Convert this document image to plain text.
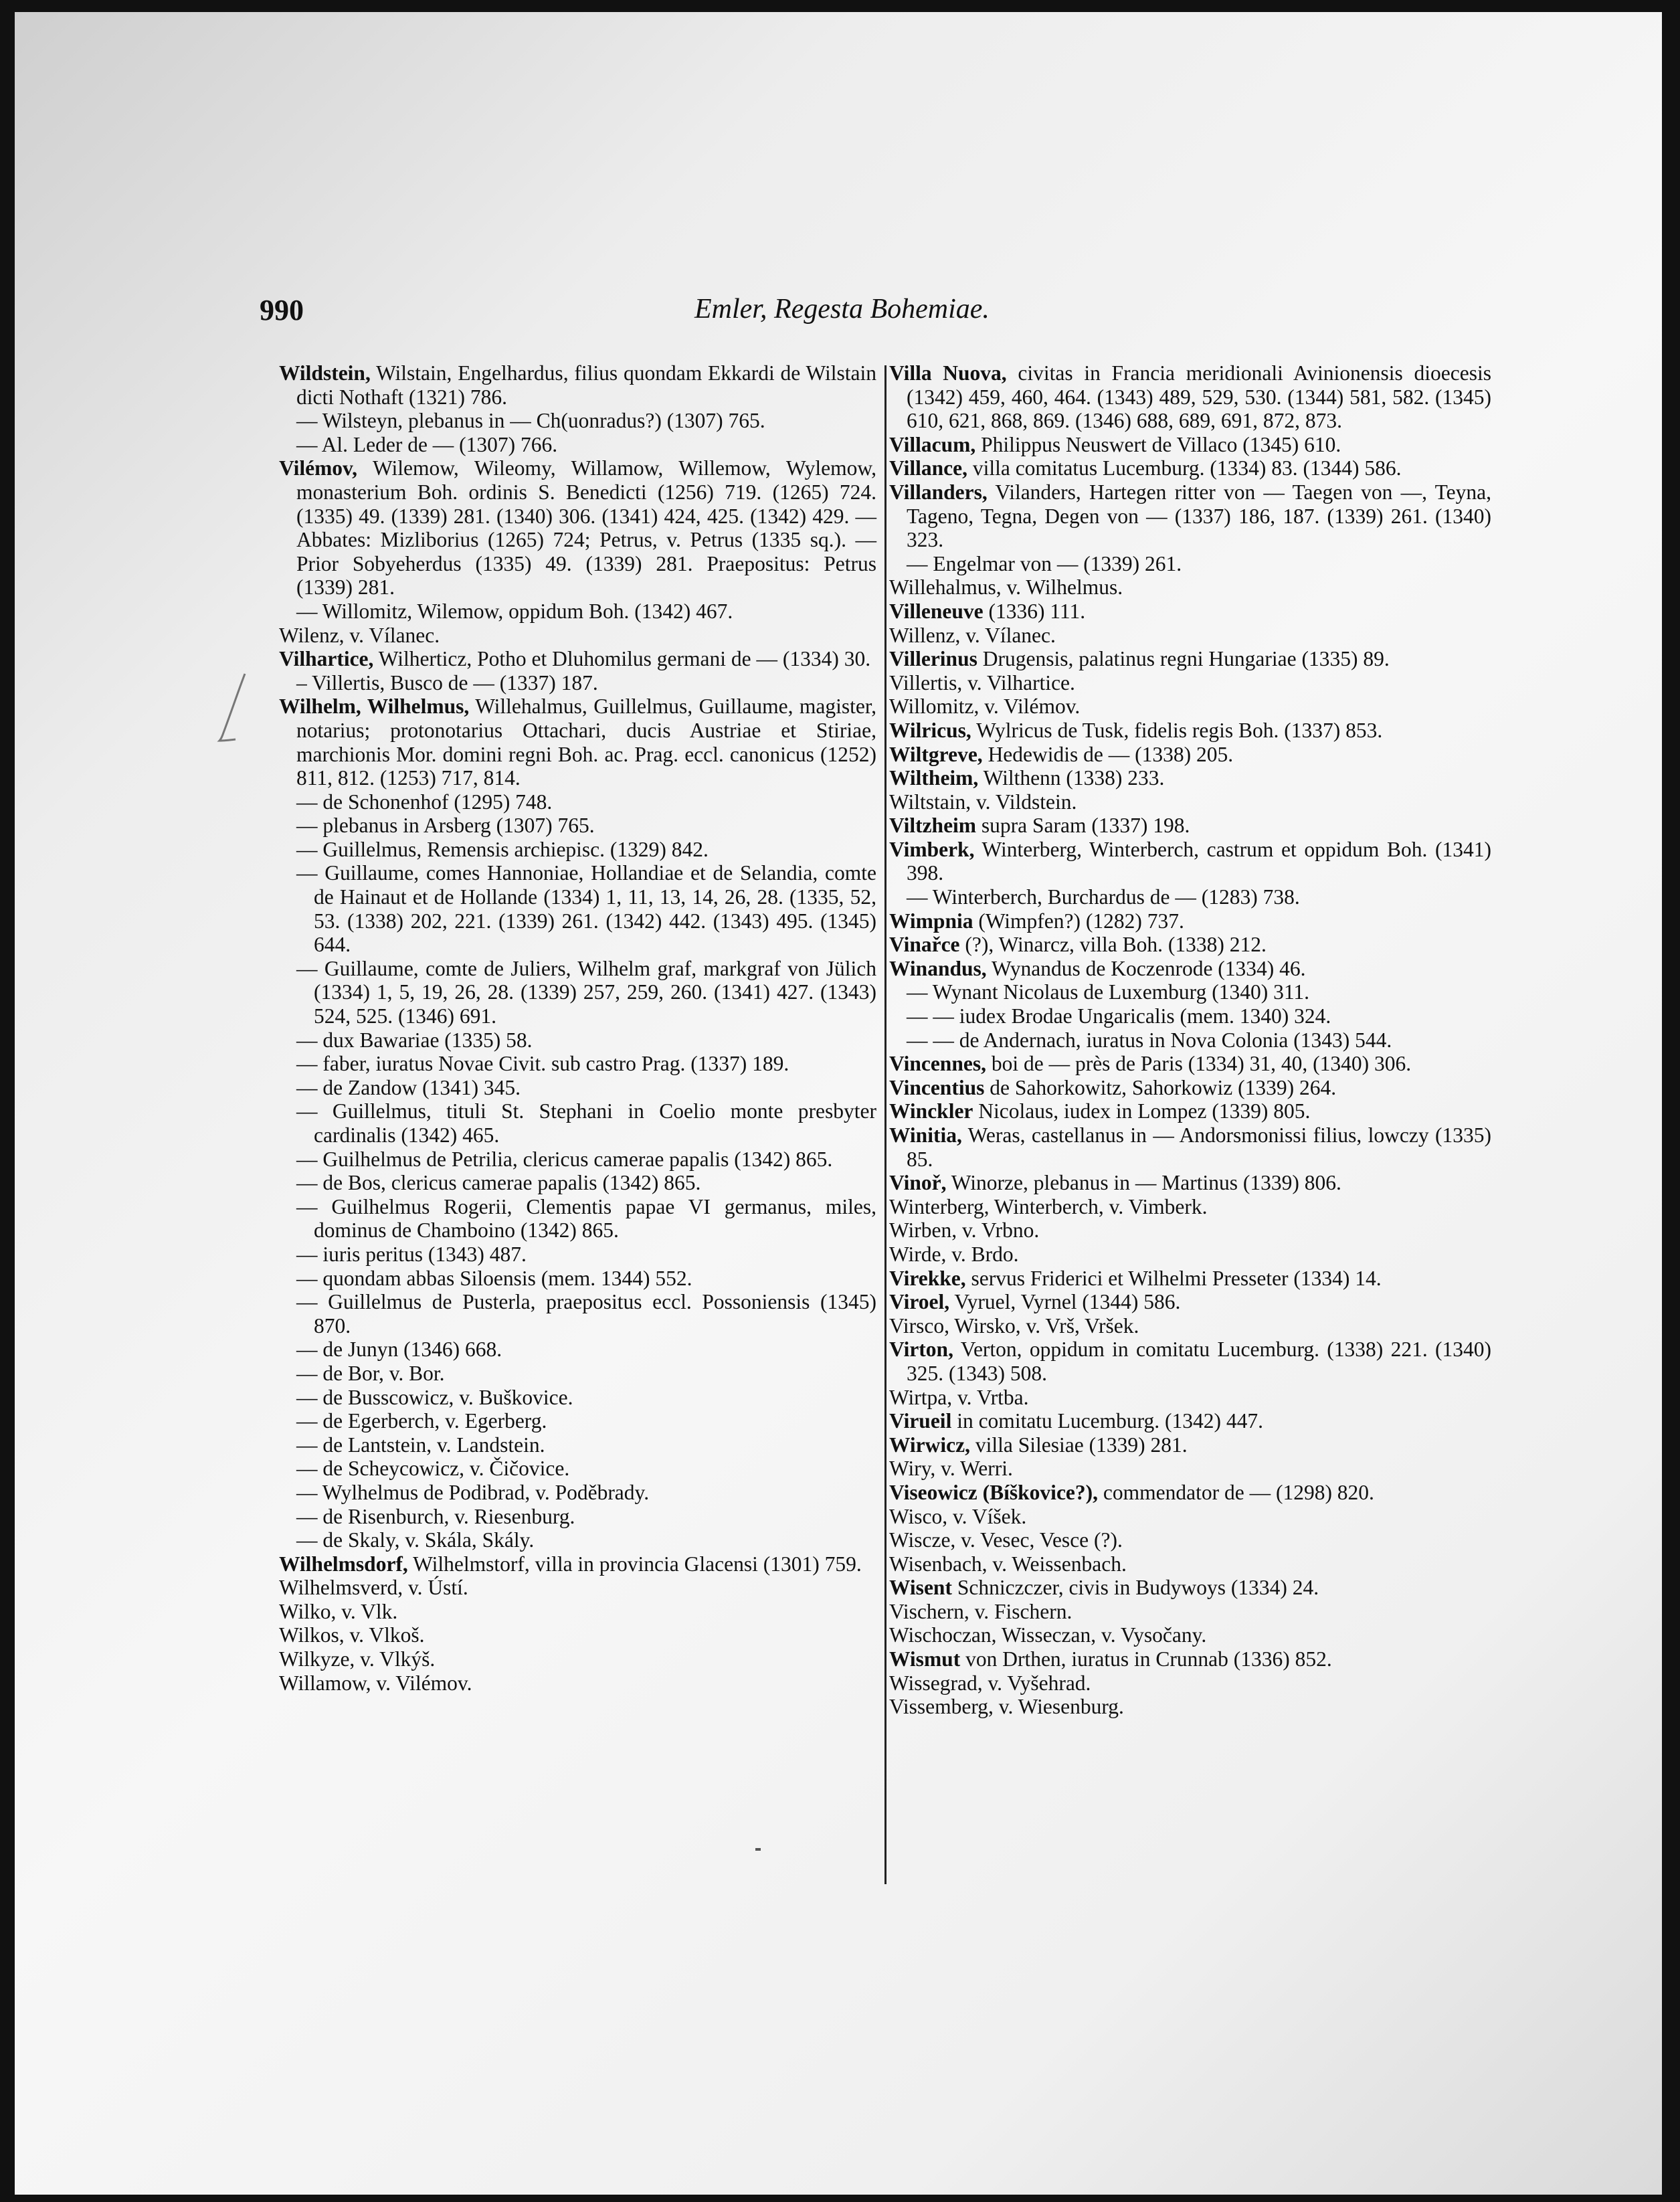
990	Emler, Regesta Bohemiae.

Wildstein, Wilstain, Engelhardus, filius quondam Ekkardi de Wilstain dicti Nothaft (1321) 786.

— Wilsteyn, plebanus in — Ch(uonradus?) (1307) 765.

— Al. Leder de — (1307) 766.

Vilémov, Wilemow, Wileomy, Willamow, Willemow, Wylemow, monasterium Boh. ordinis S. Benedicti (1256) 719. (1265) 724. (1335) 49. (1339) 281. (1340) 306. (1341) 424, 425. (1342) 429. — Abbates: Mizliborius (1265) 724; Petrus, v. Petrus (1335 sq.). — Prior Sobyeherdus (1335) 49. (1339) 281. Praepositus: Petrus (1339) 281.

— Willomitz, Wilemow, oppidum Boh. (1342) 467.

Wilenz, v. Vílanec.

Vilhartice, Wilherticz, Potho et Dluhomilus germani de — (1334) 30.

– Villertis, Busco de — (1337) 187.

Wilhelm, Wilhelmus, Willehalmus, Guillelmus, Guillaume, magister, notarius; protonotarius Ottachari, ducis Austriae et Stiriae, marchionis Mor. domini regni Boh. ac. Prag. eccl. canonicus (1252) 811, 812. (1253) 717, 814.

— de Schonenhof (1295) 748.

— plebanus in Arsberg (1307) 765.

— Guillelmus, Remensis archiepisc. (1329) 842.

— Guillaume, comes Hannoniae, Hollandiae et de Selandia, comte de Hainaut et de Hollande (1334) 1, 11, 13, 14, 26, 28. (1335, 52, 53. (1338) 202, 221. (1339) 261. (1342) 442. (1343) 495. (1345) 644.

— Guillaume, comte de Juliers, Wilhelm graf, markgraf von Jülich (1334) 1, 5, 19, 26, 28. (1339) 257, 259, 260. (1341) 427. (1343) 524, 525. (1346) 691.

— dux Bawariae (1335) 58.

— faber, iuratus Novae Civit. sub castro Prag. (1337) 189.

— de Zandow (1341) 345.

— Guillelmus, tituli St. Stephani in Coelio monte presbyter cardinalis (1342) 465.

— Guilhelmus de Petrilia, clericus camerae papalis (1342) 865.

— de Bos, clericus camerae papalis (1342) 865.

— Guilhelmus Rogerii, Clementis papae VI germanus, miles, dominus de Chamboino (1342) 865.

— iuris peritus (1343) 487.

— quondam abbas Siloensis (mem. 1344) 552.

— Guillelmus de Pusterla, praepositus eccl. Possoniensis (1345) 870.

— de Junyn (1346) 668.

— de Bor, v. Bor.

— de Busscowicz, v. Buškovice.

— de Egerberch, v. Egerberg.

— de Lantstein, v. Landstein.

— de Scheycowicz, v. Čičovice.

— Wylhelmus de Podibrad, v. Poděbrady.

— de Risenburch, v. Riesenburg.

— de Skaly, v. Skála, Skály.

Wilhelmsdorf, Wilhelmstorf, villa in provincia Glacensi (1301) 759.

Wilhelmsverd, v. Ústí.

Wilko, v. Vlk.

Wilkos, v. Vlkoš.

Wilkyze, v. Vlkýš.

Willamow, v. Vilémov.

Villa Nuova, civitas in Francia meridionali Avinionensis dioecesis (1342) 459, 460, 464. (1343) 489, 529, 530. (1344) 581, 582. (1345) 610, 621, 868, 869. (1346) 688, 689, 691, 872, 873.

Villacum, Philippus Neuswert de Villaco (1345) 610.

Villance, villa comitatus Lucemburg. (1334) 83. (1344) 586.

Villanders, Vilanders, Hartegen ritter von — Taegen von —, Teyna, Tageno, Tegna, Degen von — (1337) 186, 187. (1339) 261. (1340) 323.

— Engelmar von — (1339) 261.

Willehalmus, v. Wilhelmus.

Villeneuve (1336) 111.

Willenz, v. Vílanec.

Villerinus Drugensis, palatinus regni Hungariae (1335) 89.

Villertis, v. Vilhartice.

Willomitz, v. Vilémov.

Wilricus, Wylricus de Tusk, fidelis regis Boh. (1337) 853.

Wiltgreve, Hedewidis de — (1338) 205.

Wiltheim, Wilthenn (1338) 233.

Wiltstain, v. Vildstein.

Viltzheim supra Saram (1337) 198.

Vimberk, Winterberg, Winterberch, castrum et oppidum Boh. (1341) 398.

— Winterberch, Burchardus de — (1283) 738.

Wimpnia (Wimpfen?) (1282) 737.

Vinařce (?), Winarcz, villa Boh. (1338) 212.

Winandus, Wynandus de Koczenrode (1334) 46.

— Wynant Nicolaus de Luxemburg (1340) 311.

— — iudex Brodae Ungaricalis (mem. 1340) 324.

— — de Andernach, iuratus in Nova Colonia (1343) 544.

Vincennes, boi de — près de Paris (1334) 31, 40, (1340) 306.

Vincentius de Sahorkowitz, Sahorkowiz (1339) 264.

Winckler Nicolaus, iudex in Lompez (1339) 805.

Winitia, Weras, castellanus in — Andorsmonissi filius, lowczy (1335) 85.

Vinoř, Winorze, plebanus in — Martinus (1339) 806.

Winterberg, Winterberch, v. Vimberk.

Wirben, v. Vrbno.

Wirde, v. Brdo.

Virekke, servus Friderici et Wilhelmi Presseter (1334) 14.

Viroel, Vyruel, Vyrnel (1344) 586.

Virsco, Wirsko, v. Vrš, Vršek.

Virton, Verton, oppidum in comitatu Lucemburg. (1338) 221. (1340) 325. (1343) 508.

Wirtpa, v. Vrtba.

Virueil in comitatu Lucemburg. (1342) 447.

Wirwicz, villa Silesiae (1339) 281.

Wiry, v. Werri.

Viseowicz (Bíškovice?), commendator de — (1298) 820.

Wisco, v. Víšek.

Wiscze, v. Vesec, Vesce (?).

Wisenbach, v. Weissenbach.

Wisent Schniczczer, civis in Budywoys (1334) 24.

Vischern, v. Fischern.

Wischoczan, Wisseczan, v. Vysočany.

Wismut von Drthen, iuratus in Crunnab (1336) 852.

Wissegrad, v. Vyšehrad.

Vissemberg, v. Wiesenburg.
